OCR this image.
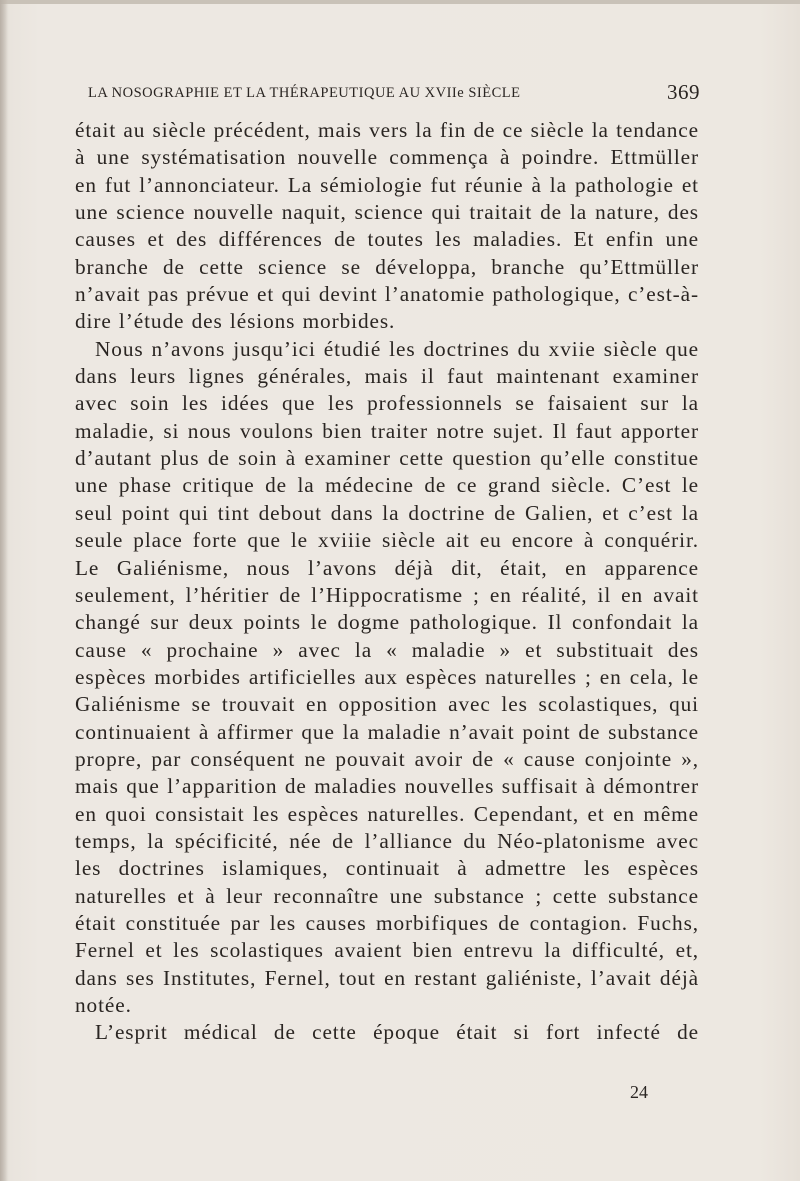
LA NOSOGRAPHIE ET LA THÉRAPEUTIQUE AU XVIIe SIÈCLE	369

était au siècle précédent, mais vers la fin de ce siècle la tendance à une systématisation nouvelle commença à poindre. Ettmüller en fut l’annonciateur. La sémiologie fut réunie à la pathologie et une science nouvelle naquit, science qui traitait de la nature, des causes et des différences de toutes les maladies. Et enfin une branche de cette science se développa, branche qu’Ettmüller n’avait pas prévue et qui devint l’anatomie pathologique, c’est-à-dire l’étude des lésions morbides.

Nous n’avons jusqu’ici étudié les doctrines du xviie siècle que dans leurs lignes générales, mais il faut maintenant examiner avec soin les idées que les professionnels se faisaient sur la maladie, si nous voulons bien traiter notre sujet. Il faut apporter d’autant plus de soin à examiner cette question qu’elle constitue une phase critique de la médecine de ce grand siècle. C’est le seul point qui tint debout dans la doctrine de Galien, et c’est la seule place forte que le xviiie siècle ait eu encore à conquérir. Le Galiénisme, nous l’avons déjà dit, était, en apparence seulement, l’héritier de l’Hippocratisme ; en réalité, il en avait changé sur deux points le dogme pathologique. Il confondait la cause « prochaine » avec la « maladie » et substituait des espèces morbides artificielles aux espèces naturelles ; en cela, le Galiénisme se trouvait en opposition avec les scolastiques, qui continuaient à affirmer que la maladie n’avait point de substance propre, par conséquent ne pouvait avoir de « cause conjointe », mais que l’apparition de maladies nouvelles suffisait à démontrer en quoi consistait les espèces naturelles. Cependant, et en même temps, la spécificité, née de l’alliance du Néo-platonisme avec les doctrines islamiques, continuait à admettre les espèces naturelles et à leur reconnaître une substance ; cette substance était constituée par les causes morbifiques de contagion. Fuchs, Fernel et les scolastiques avaient bien entrevu la difficulté, et, dans ses Institutes, Fernel, tout en restant galiéniste, l’avait déjà notée.

L’esprit médical de cette époque était si fort infecté de

24
